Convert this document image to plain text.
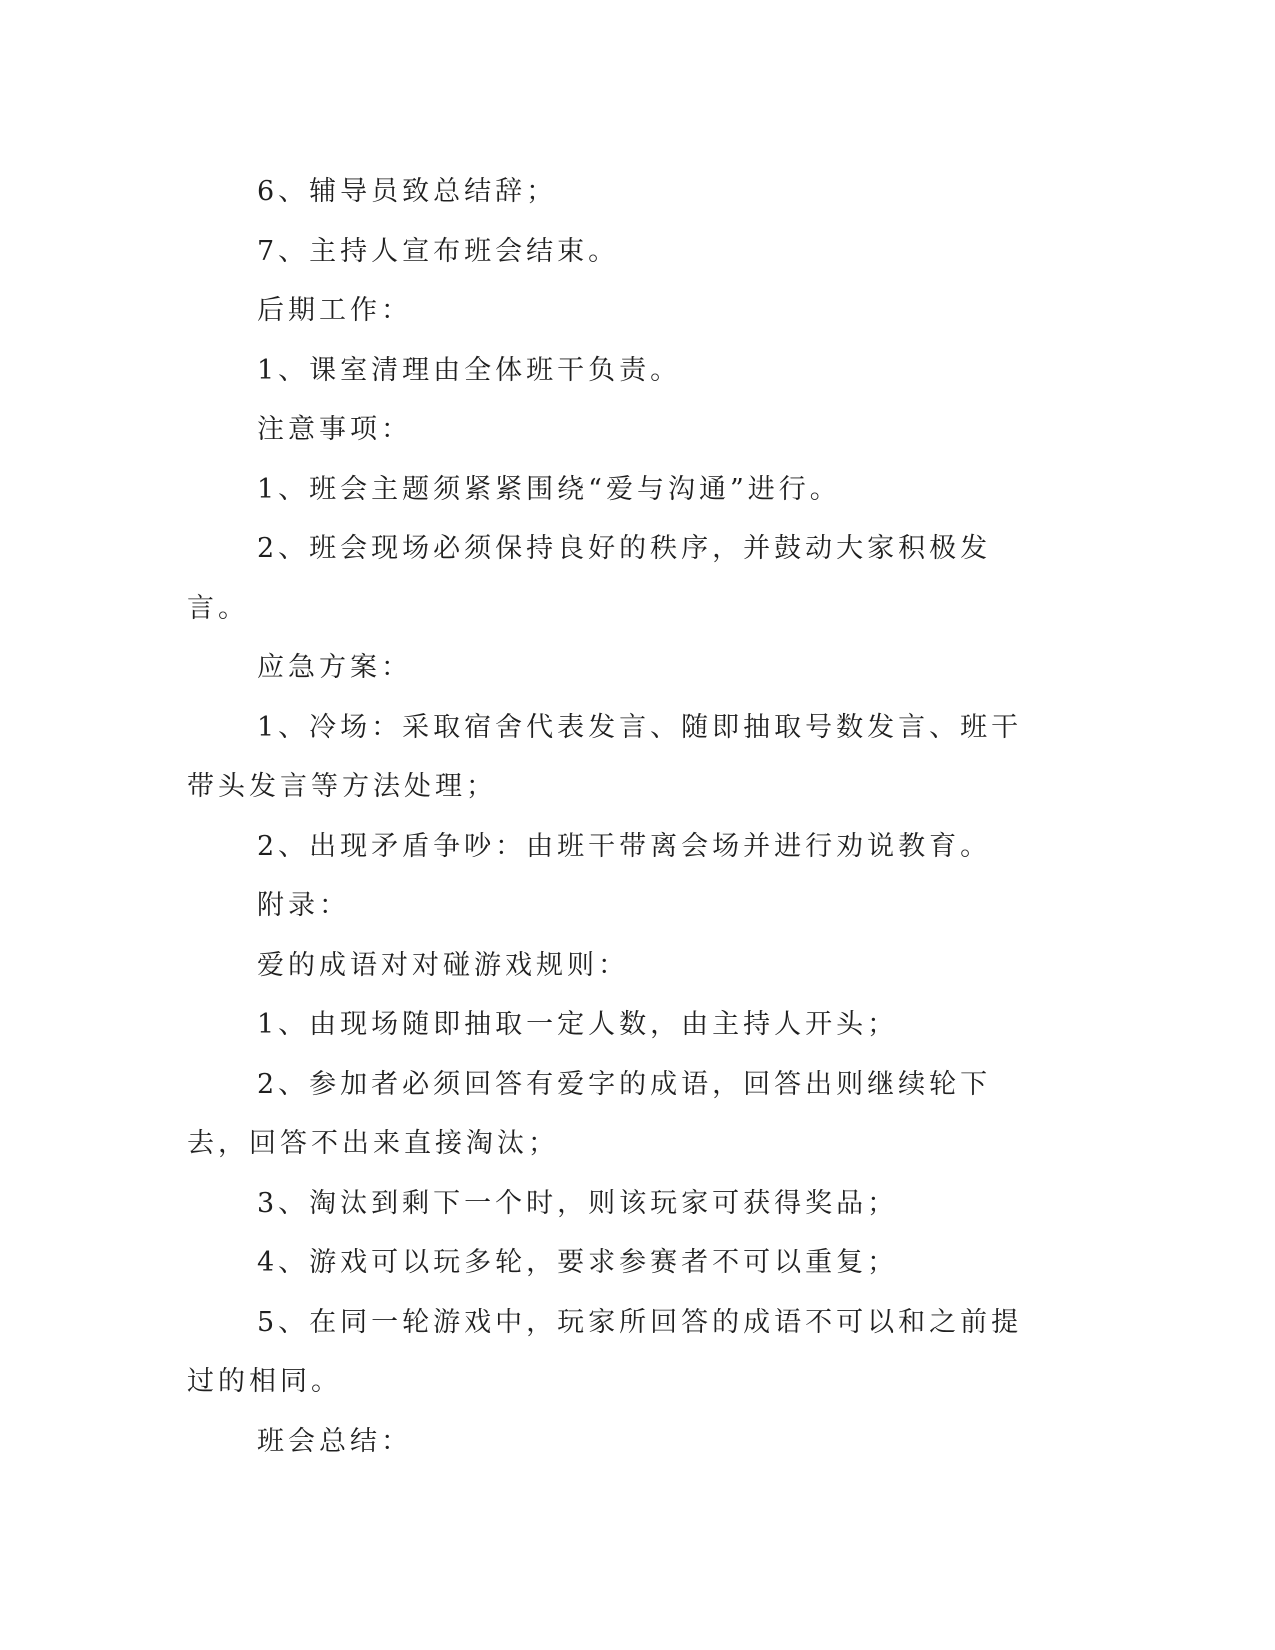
6、辅导员致总结辞；

7、主持人宣布班会结束。

后期工作：

1、课室清理由全体班干负责。

注意事项：

1、班会主题须紧紧围绕“爱与沟通”进行。

2、班会现场必须保持良好的秩序，并鼓动大家积极发言。

应急方案：

1、冷场：采取宿舍代表发言、随即抽取号数发言、班干带头发言等方法处理；

2、出现矛盾争吵：由班干带离会场并进行劝说教育。

附录：

爱的成语对对碰游戏规则：

1、由现场随即抽取一定人数，由主持人开头；

2、参加者必须回答有爱字的成语，回答出则继续轮下去，回答不出来直接淘汰；

3、淘汰到剩下一个时，则该玩家可获得奖品；

4、游戏可以玩多轮，要求参赛者不可以重复；

5、在同一轮游戏中，玩家所回答的成语不可以和之前提过的相同。

班会总结：
